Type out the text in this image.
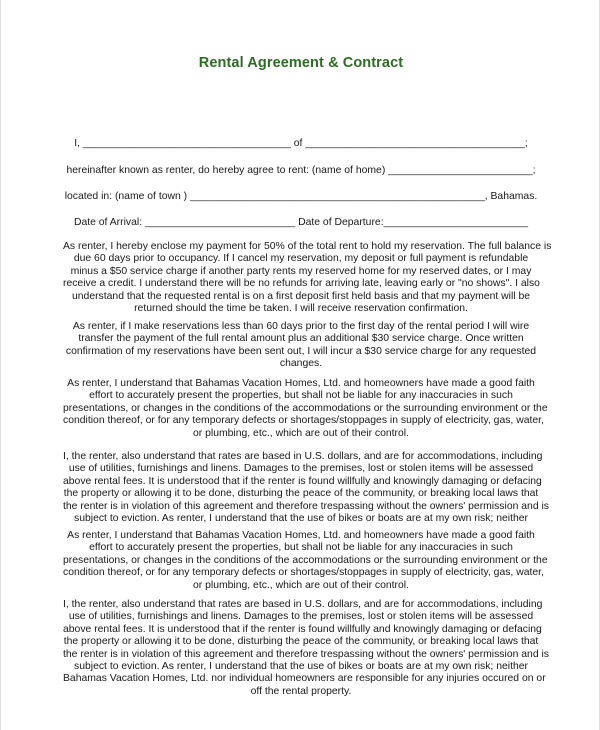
Rental Agreement & Contract
I, ____________________________________ of ______________________________________;
hereinafter known as renter, do hereby agree to rent: (name of home) _________________________;
located in: (name of town ) ___________________________________________________, Bahamas.
Date of Arrival: __________________________ Date of Departure:_________________________
As renter, I hereby enclose my payment for 50% of the total rent to hold my reservation. The full balance is
due 60 days prior to occupancy. If I cancel my reservation, my deposit or full payment is refundable
minus a $50 service charge if another party rents my reserved home for my reserved dates, or I may
receive a credit. I understand there will be no refunds for arriving late, leaving early or "no shows". I also
understand that the requested rental is on a first deposit first held basis and that my payment will be
returned should the time be taken. I will receive reservation confirmation.
As renter, if I make reservations less than 60 days prior to the first day of the rental period I will wire
transfer the payment of the full rental amount plus an additional $30 service charge. Once written
confirmation of my reservations have been sent out, I will incur a $30 service charge for any requested
changes.
As renter, I understand that Bahamas Vacation Homes, Ltd. and homeowners have made a good faith
effort to accurately present the properties, but shall not be liable for any inaccuracies in such
presentations, or changes in the conditions of the accommodations or the surrounding environment or the
condition thereof, or for any temporary defects or shortages/stoppages in supply of electricity, gas, water,
or plumbing, etc., which are out of their control.
I, the renter, also understand that rates are based in U.S. dollars, and are for accommodations, including
use of utilities, furnishings and linens. Damages to the premises, lost or stolen items will be assessed
above rental fees. It is understood that if the renter is found willfully and knowingly damaging or defacing
the property or allowing it to be done, disturbing the peace of the community, or breaking local laws that
the renter is in violation of this agreement and therefore trespassing without the owners' permission and is
subject to eviction. As renter, I understand that the use of bikes or boats are at my own risk; neither
As renter, I understand that Bahamas Vacation Homes, Ltd. and homeowners have made a good faith
effort to accurately present the properties, but shall not be liable for any inaccuracies in such
presentations, or changes in the conditions of the accommodations or the surrounding environment or the
condition thereof, or for any temporary defects or shortages/stoppages in supply of electricity, gas, water,
or plumbing, etc., which are out of their control.
I, the renter, also understand that rates are based in U.S. dollars, and are for accommodations, including
use of utilities, furnishings and linens. Damages to the premises, lost or stolen items will be assessed
above rental fees. It is understood that if the renter is found willfully and knowingly damaging or defacing
the property or allowing it to be done, disturbing the peace of the community, or breaking local laws that
the renter is in violation of this agreement and therefore trespassing without the owners' permission and is
subject to eviction. As renter, I understand that the use of bikes or boats are at my own risk; neither
Bahamas Vacation Homes, Ltd. nor individual homeowners are responsible for any injuries occured on or
off the rental property.
